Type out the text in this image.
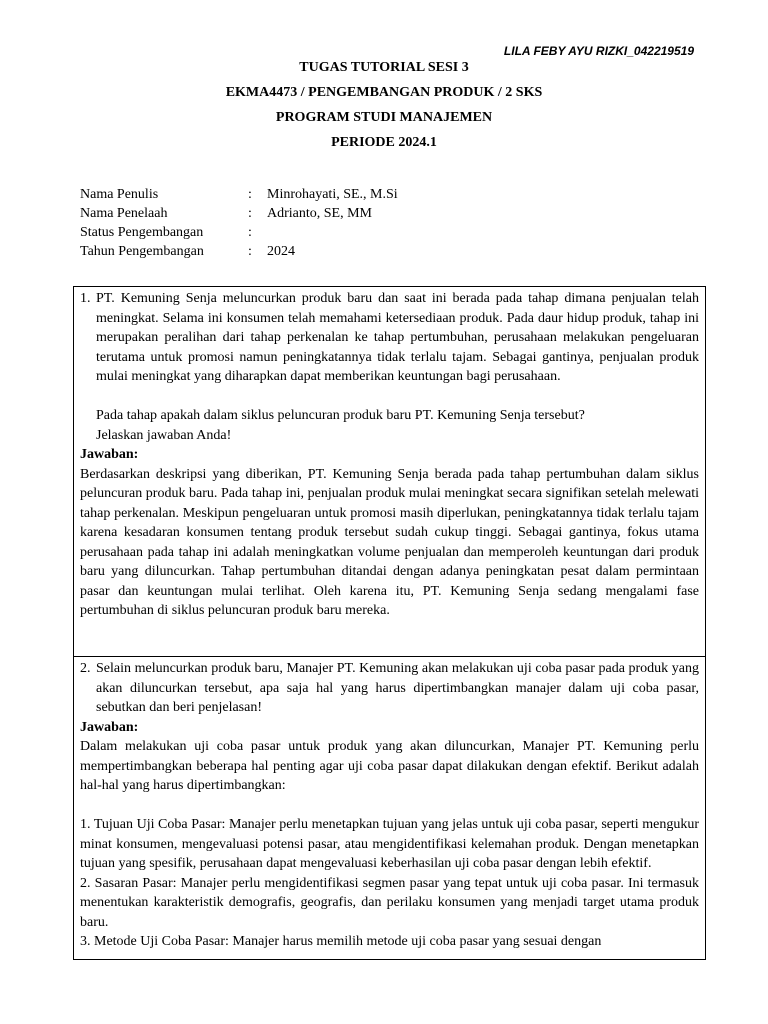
LILA FEBY AYU RIZKI_042219519
TUGAS TUTORIAL SESI 3
EKMA4473 / PENGEMBANGAN PRODUK / 2 SKS
PROGRAM STUDI MANAJEMEN
PERIODE 2024.1
Nama Penulis	:	Minrohayati, SE., M.Si
Nama Penelaah	:	Adrianto, SE, MM
Status Pengembangan	:
Tahun Pengembangan	:	2024
1. PT. Kemuning Senja meluncurkan produk baru dan saat ini berada pada tahap dimana penjualan telah meningkat. Selama ini konsumen telah memahami ketersediaan produk. Pada daur hidup produk, tahap ini merupakan peralihan dari tahap perkenalan ke tahap pertumbuhan, perusahaan melakukan pengeluaran terutama untuk promosi namun peningkatannya tidak terlalu tajam. Sebagai gantinya, penjualan produk mulai meningkat yang diharapkan dapat memberikan keuntungan bagi perusahaan.
Pada tahap apakah dalam siklus peluncuran produk baru PT. Kemuning Senja tersebut?
Jelaskan jawaban Anda!
Jawaban:
Berdasarkan deskripsi yang diberikan, PT. Kemuning Senja berada pada tahap pertumbuhan dalam siklus peluncuran produk baru. Pada tahap ini, penjualan produk mulai meningkat secara signifikan setelah melewati tahap perkenalan. Meskipun pengeluaran untuk promosi masih diperlukan, peningkatannya tidak terlalu tajam karena kesadaran konsumen tentang produk tersebut sudah cukup tinggi. Sebagai gantinya, fokus utama perusahaan pada tahap ini adalah meningkatkan volume penjualan dan memperoleh keuntungan dari produk baru yang diluncurkan. Tahap pertumbuhan ditandai dengan adanya peningkatan pesat dalam permintaan pasar dan keuntungan mulai terlihat. Oleh karena itu, PT. Kemuning Senja sedang mengalami fase pertumbuhan di siklus peluncuran produk baru mereka.
2. Selain meluncurkan produk baru, Manajer PT. Kemuning akan melakukan uji coba pasar pada produk yang akan diluncurkan tersebut, apa saja hal yang harus dipertimbangkan manajer dalam uji coba pasar, sebutkan dan beri penjelasan!
Jawaban:
Dalam melakukan uji coba pasar untuk produk yang akan diluncurkan, Manajer PT. Kemuning perlu mempertimbangkan beberapa hal penting agar uji coba pasar dapat dilakukan dengan efektif. Berikut adalah hal-hal yang harus dipertimbangkan:
1. Tujuan Uji Coba Pasar: Manajer perlu menetapkan tujuan yang jelas untuk uji coba pasar, seperti mengukur minat konsumen, mengevaluasi potensi pasar, atau mengidentifikasi kelemahan produk. Dengan menetapkan tujuan yang spesifik, perusahaan dapat mengevaluasi keberhasilan uji coba pasar dengan lebih efektif.
2. Sasaran Pasar: Manajer perlu mengidentifikasi segmen pasar yang tepat untuk uji coba pasar. Ini termasuk menentukan karakteristik demografis, geografis, dan perilaku konsumen yang menjadi target utama produk baru.
3. Metode Uji Coba Pasar: Manajer harus memilih metode uji coba pasar yang sesuai dengan
